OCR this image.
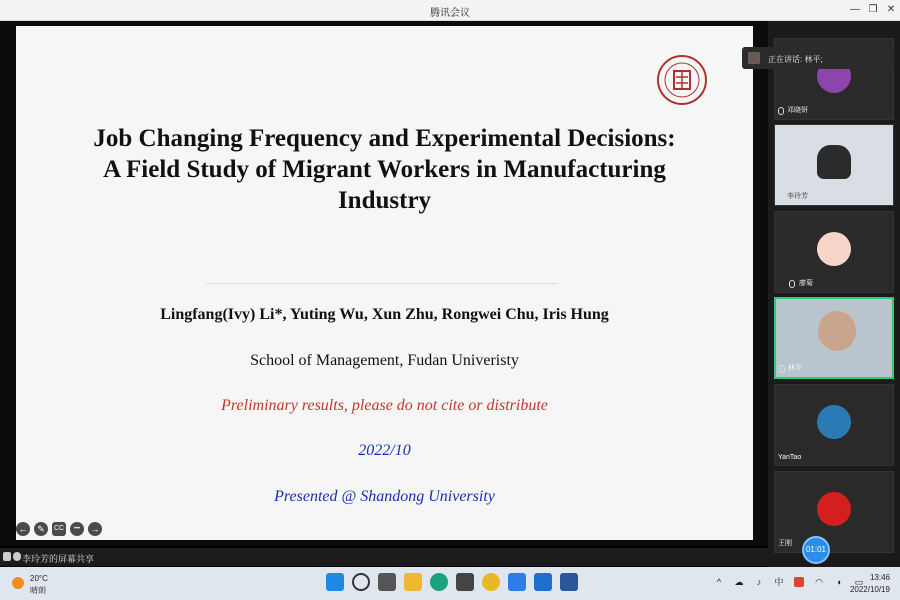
腾讯会议	— ❐ ✕
Job Changing Frequency and Experimental Decisions:
A Field Study of Migrant Workers in Manufacturing
Industry
Lingfang(Ivy) Li*, Yuting Wu, Xun Zhu, Rongwei Chu, Iris Hung
School of Management, Fudan Univeristy
Preliminary results, please do not cite or distribute
2022/10
Presented @ Shandong University
←	✎	CC	•••	→
李玲芳的屏幕共享
邓晓妍
李玲芳
廖菊
林平
YanTao
王刚
正在讲话: 林平;
01:01
20°C
晴朗
^	☁	♪	中	◠ ◖ ▭ 13:46
2022/10/19
